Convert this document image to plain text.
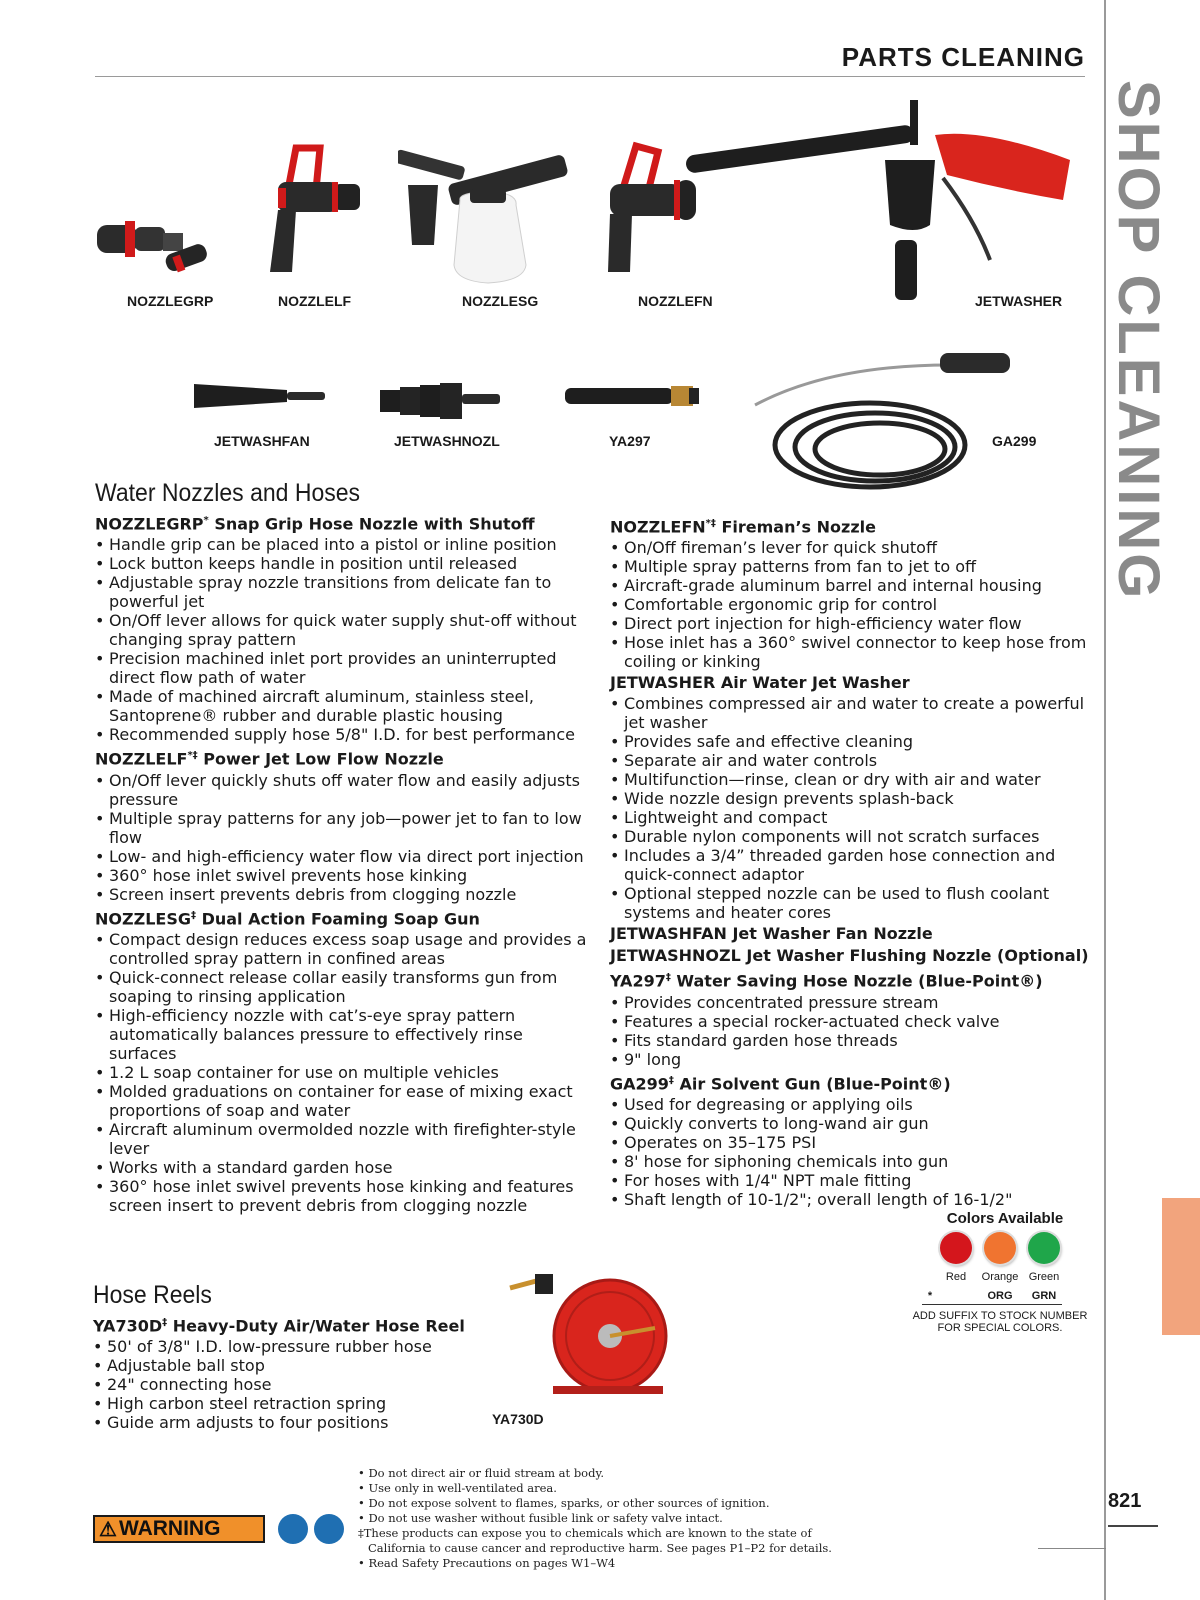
PARTS CLEANING
SHOP CLEANING
821
NOZZLEGRP	NOZZLELF	NOZZLESG	NOZZLEFN	JETWASHER
JETWASHFAN	JETWASHNOZL	YA297	GA299
Water Nozzles and Hoses
NOZZLEGRP* Snap Grip Hose Nozzle with Shutoff
• Handle grip can be placed into a pistol or inline position
• Lock button keeps handle in position until released
• Adjustable spray nozzle transitions from delicate fan to powerful jet
• On/Off lever allows for quick water supply shut-off without changing spray pattern
• Precision machined inlet port provides an uninterrupted direct flow path of water
• Made of machined aircraft aluminum, stainless steel, Santoprene® rubber and durable plastic housing
• Recommended supply hose 5/8" I.D. for best performance
NOZZLELF*‡ Power Jet Low Flow Nozzle
• On/Off lever quickly shuts off water flow and easily adjusts pressure
• Multiple spray patterns for any job—power jet to fan to low flow
• Low- and high-efficiency water flow via direct port injection
• 360° hose inlet swivel prevents hose kinking
• Screen insert prevents debris from clogging nozzle
NOZZLESG‡ Dual Action Foaming Soap Gun
• Compact design reduces excess soap usage and provides a controlled spray pattern in confined areas
• Quick-connect release collar easily transforms gun from soaping to rinsing application
• High-efficiency nozzle with cat’s-eye spray pattern automatically balances pressure to effectively rinse surfaces
• 1.2 L soap container for use on multiple vehicles
• Molded graduations on container for ease of mixing exact proportions of soap and water
• Aircraft aluminum overmolded nozzle with firefighter-style lever
• Works with a standard garden hose
• 360° hose inlet swivel prevents hose kinking and features screen insert to prevent debris from clogging nozzle
Hose Reels
YA730D‡ Heavy-Duty Air/Water Hose Reel
• 50' of 3/8" I.D. low-pressure rubber hose
• Adjustable ball stop
• 24" connecting hose
• High carbon steel retraction spring
• Guide arm adjusts to four positions	YA730D
NOZZLEFN*‡ Fireman’s Nozzle
• On/Off fireman’s lever for quick shutoff
• Multiple spray patterns from fan to jet to off
• Aircraft-grade aluminum barrel and internal housing
• Comfortable ergonomic grip for control
• Direct port injection for high-efficiency water flow
• Hose inlet has a 360° swivel connector to keep hose from coiling or kinking
JETWASHER Air Water Jet Washer
• Combines compressed air and water to create a powerful jet washer
• Provides safe and effective cleaning
• Separate air and water controls
• Multifunction—rinse, clean or dry with air and water
• Wide nozzle design prevents splash-back
• Lightweight and compact
• Durable nylon components will not scratch surfaces
• Includes a 3/4” threaded garden hose connection and quick-connect adaptor
• Optional stepped nozzle can be used to flush coolant systems and heater cores
JETWASHFAN Jet Washer Fan Nozzle
JETWASHNOZL Jet Washer Flushing Nozzle (Optional)
YA297‡ Water Saving Hose Nozzle (Blue-Point®)
• Provides concentrated pressure stream
• Features a special rocker-actuated check valve
• Fits standard garden hose threads
• 9" long
GA299‡ Air Solvent Gun (Blue-Point®)
• Used for degreasing or applying oils
• Quickly converts to long-wand air gun
• Operates on 35–175 PSI
• 8' hose for siphoning chemicals into gun
• For hoses with 1/4" NPT male fitting
• Shaft length of 10-1/2"; overall length of 16-1/2"
Colors Available
Red	Orange Green
*	ORG	GRN
ADD SUFFIX TO STOCK NUMBER
FOR SPECIAL COLORS.
⚠ WARNING
• Do not direct air or fluid stream at body.
• Use only in well-ventilated area.
• Do not expose solvent to flames, sparks, or other sources of ignition.
• Do not use washer without fusible link or safety valve intact.
‡These products can expose you to chemicals which are known to the state of
California to cause cancer and reproductive harm. See pages P1–P2 for details.
• Read Safety Precautions on pages W1–W4
